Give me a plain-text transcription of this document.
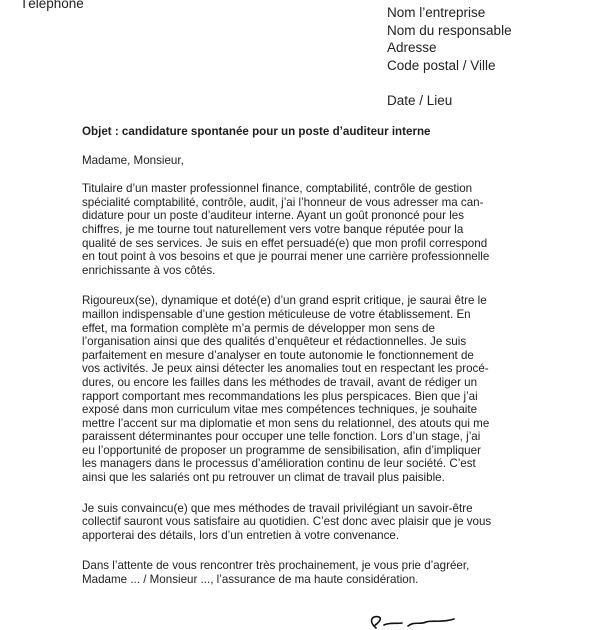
Téléphone
Nom l’entreprise
Nom du responsable
Adresse
Code postal / Ville
Date / Lieu
Objet : candidature spontanée pour un poste d’auditeur interne
Madame, Monsieur,
Titulaire d’un master professionnel finance, comptabilité, contrôle de gestion
spécialité comptabilité, contrôle, audit, j’ai l’honneur de vous adresser ma can-
didature pour un poste d’auditeur interne. Ayant un goût prononcé pour les
chiffres, je me tourne tout naturellement vers votre banque réputée pour la
qualité de ses services. Je suis en effet persuadé(e) que mon profil correspond
en tout point à vos besoins et que je pourrai mener une carrière professionnelle
enrichissante à vos côtés.
Rigoureux(se), dynamique et doté(e) d’un grand esprit critique, je saurai être le
maillon indispensable d’une gestion méticuleuse de votre établissement. En
effet, ma formation complète m’a permis de développer mon sens de
l’organisation ainsi que des qualités d’enquêteur et rédactionnelles. Je suis
parfaitement en mesure d’analyser en toute autonomie le fonctionnement de
vos activités. Je peux ainsi détecter les anomalies tout en respectant les procé-
dures, ou encore les failles dans les méthodes de travail, avant de rédiger un
rapport comportant mes recommandations les plus perspicaces. Bien que j’ai
exposé dans mon curriculum vitae mes compétences techniques, je souhaite
mettre l’accent sur ma diplomatie et mon sens du relationnel, des atouts qui me
paraissent déterminantes pour occuper une telle fonction. Lors d’un stage, j’ai
eu l’opportunité de proposer un programme de sensibilisation, afin d’impliquer
les managers dans le processus d’amélioration continu de leur société. C’est
ainsi que les salariés ont pu retrouver un climat de travail plus paisible.
Je suis convaincu(e) que mes méthodes de travail privilégiant un savoir-être
collectif sauront vous satisfaire au quotidien. C’est donc avec plaisir que je vous
apporterai des détails, lors d’un entretien à votre convenance.
Dans l’attente de vous rencontrer très prochainement, je vous prie d’agréer,
Madame ... / Monsieur ..., l’assurance de ma haute considération.
